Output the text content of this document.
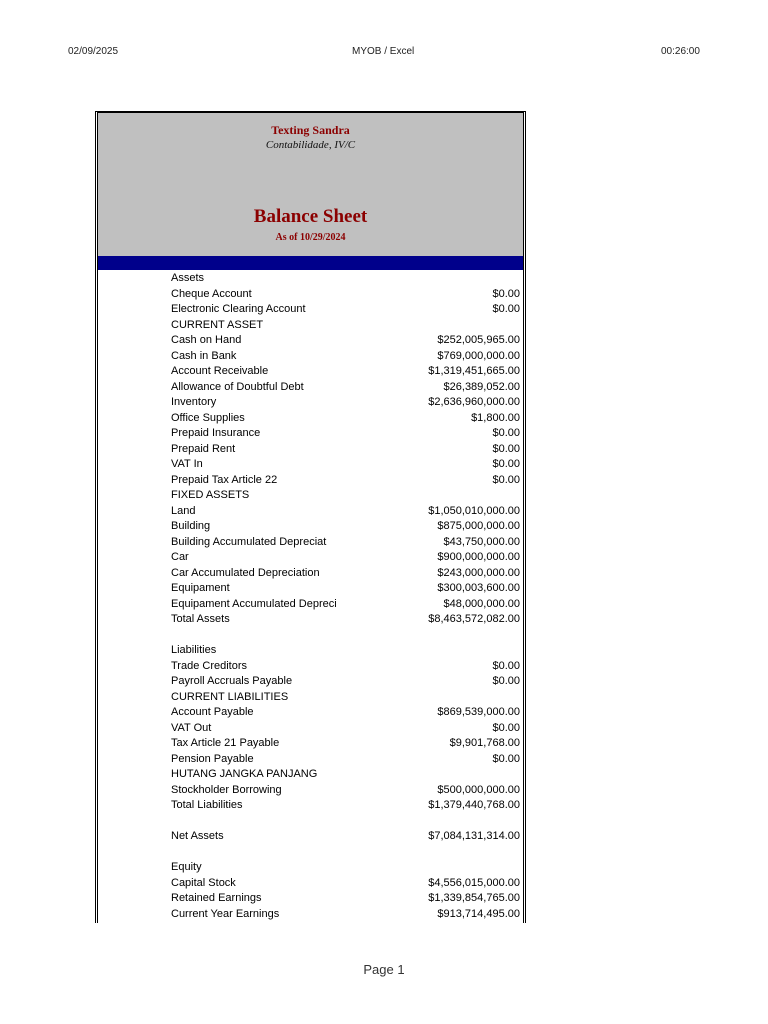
02/09/2025	MYOB / Excel	00:26:00
Texting Sandra
Contabilidade, IV/C
Balance Sheet
As of 10/29/2024
Assets
Cheque Account	$0.00
Electronic Clearing Account	$0.00
CURRENT ASSET
Cash on Hand	$252,005,965.00
Cash in Bank	$769,000,000.00
Account Receivable	$1,319,451,665.00
Allowance of Doubtful Debt	$26,389,052.00
Inventory	$2,636,960,000.00
Office Supplies	$1,800.00
Prepaid Insurance	$0.00
Prepaid Rent	$0.00
VAT In	$0.00
Prepaid Tax Article 22	$0.00
FIXED ASSETS
Land	$1,050,010,000.00
Building	$875,000,000.00
Building Accumulated Depreciat	$43,750,000.00
Car	$900,000,000.00
Car Accumulated Depreciation	$243,000,000.00
Equipament	$300,003,600.00
Equipament Accumulated Depreci	$48,000,000.00
Total Assets	$8,463,572,082.00
Liabilities
Trade Creditors	$0.00
Payroll Accruals Payable	$0.00
CURRENT LIABILITIES
Account Payable	$869,539,000.00
VAT Out	$0.00
Tax Article 21 Payable	$9,901,768.00
Pension Payable	$0.00
HUTANG JANGKA PANJANG
Stockholder Borrowing	$500,000,000.00
Total Liabilities	$1,379,440,768.00
Net Assets	$7,084,131,314.00
Equity
Capital Stock	$4,556,015,000.00
Retained Earnings	$1,339,854,765.00
Current Year Earnings	$913,714,495.00
Page 1
